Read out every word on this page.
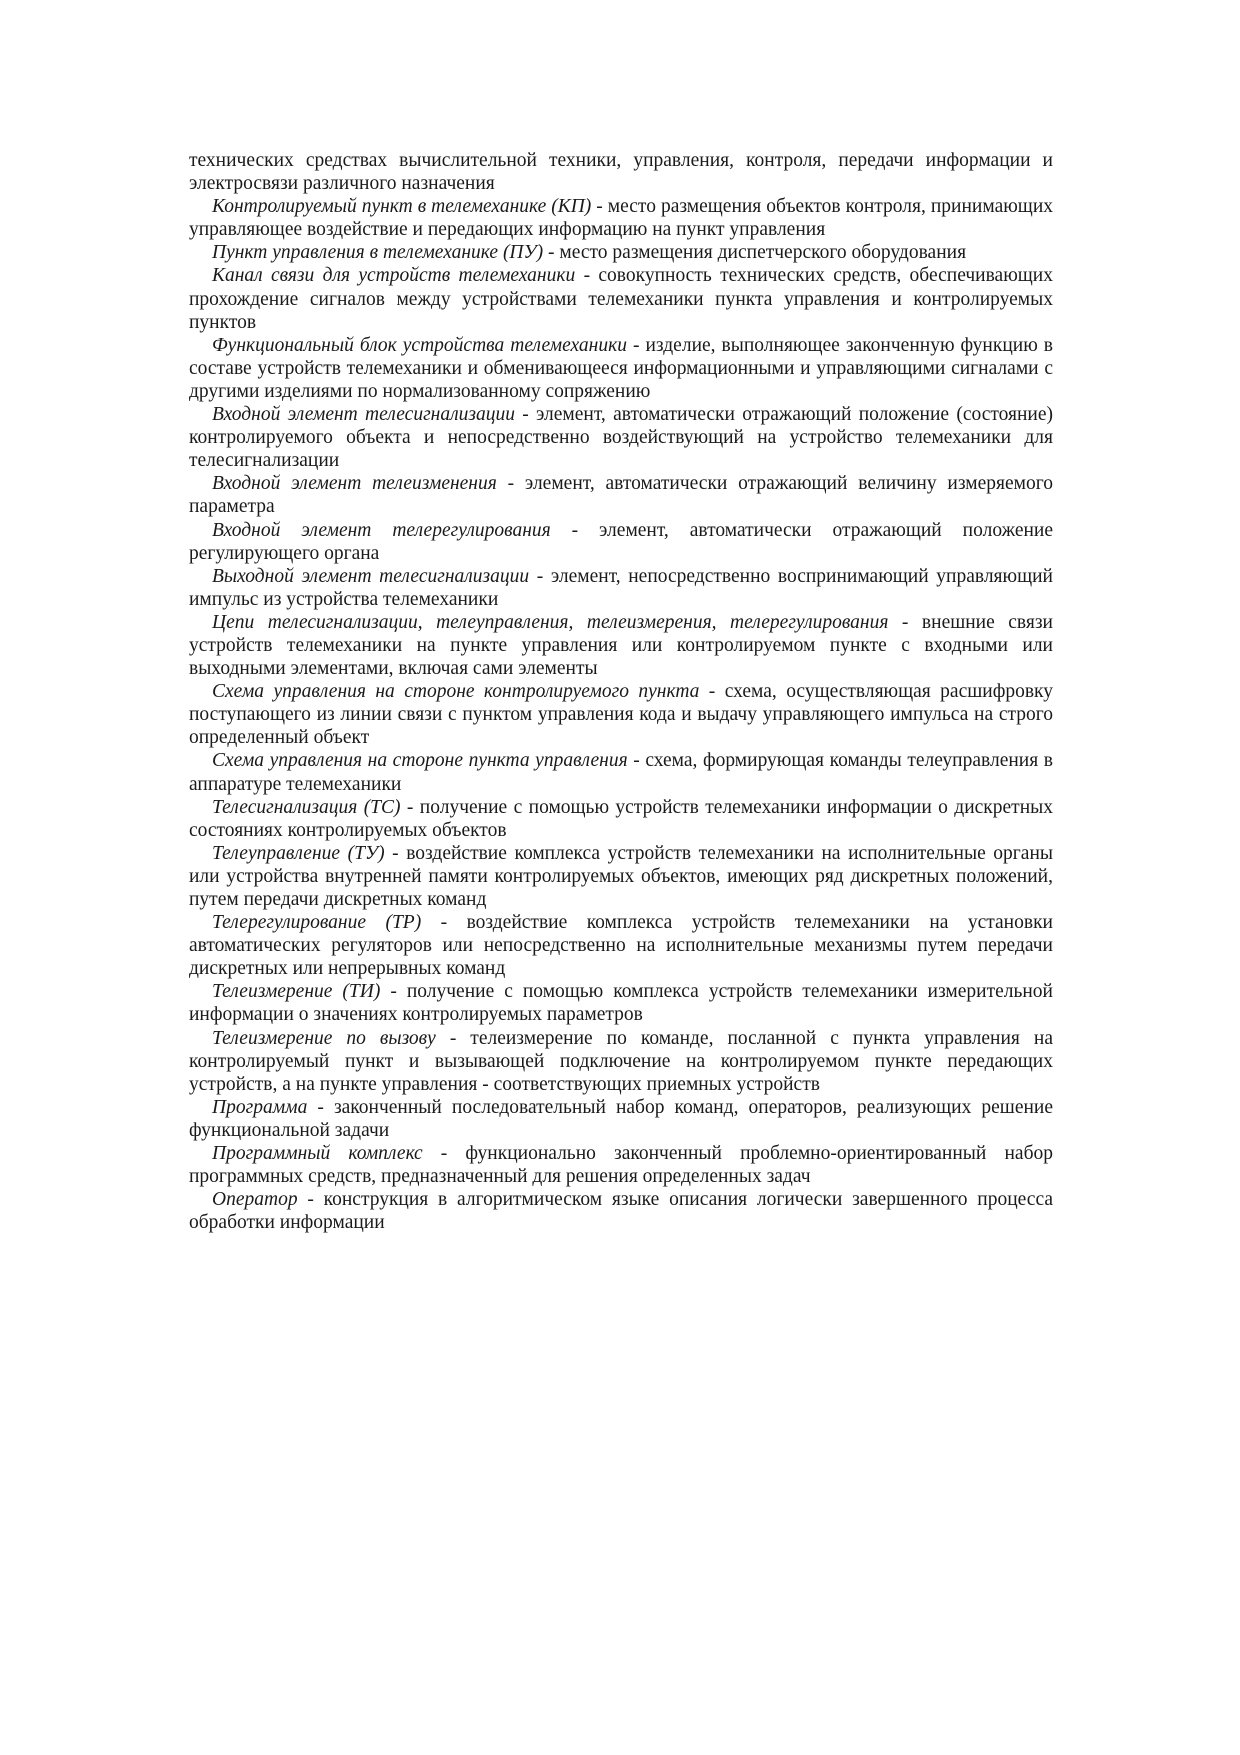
технических средствах вычислительной техники, управления, контроля, передачи информации и электросвязи различного назначения

Контролируемый пункт в телемеханике (КП) - место размещения объектов контроля, принимающих управляющее воздействие и передающих информацию на пункт управления

Пункт управления в телемеханике (ПУ) - место размещения диспетчерского оборудования

Канал связи для устройств телемеханики - совокупность технических средств, обеспечивающих прохождение сигналов между устройствами телемеханики пункта управления и контролируемых пунктов

Функциональный блок устройства телемеханики - изделие, выполняющее законченную функцию в составе устройств телемеханики и обменивающееся информационными и управляющими сигналами с другими изделиями по нормализованному сопряжению

Входной элемент телесигнализации - элемент, автоматически отражающий положение (состояние) контролируемого объекта и непосредственно воздействующий на устройство телемеханики для телесигнализации

Входной элемент телеизменения - элемент, автоматически отражающий величину измеряемого параметра

Входной элемент телерегулирования - элемент, автоматически отражающий положение регулирующего органа

Выходной элемент телесигнализации - элемент, непосредственно воспринимающий управляющий импульс из устройства телемеханики

Цепи телесигнализации, телеуправления, телеизмерения, телерегулирования - внешние связи устройств телемеханики на пункте управления или контролируемом пункте с входными или выходными элементами, включая сами элементы

Схема управления на стороне контролируемого пункта - схема, осуществляющая расшифровку поступающего из линии связи с пунктом управления кода и выдачу управляющего импульса на строго определенный объект

Схема управления на стороне пункта управления - схема, формирующая команды телеуправления в аппаратуре телемеханики

Телесигнализация (ТС) - получение с помощью устройств телемеханики информации о дискретных состояниях контролируемых объектов

Телеуправление (ТУ) - воздействие комплекса устройств телемеханики на исполнительные органы или устройства внутренней памяти контролируемых объектов, имеющих ряд дискретных положений, путем передачи дискретных команд

Телерегулирование (ТР) - воздействие комплекса устройств телемеханики на установки автоматических регуляторов или непосредственно на исполнительные механизмы путем передачи дискретных или непрерывных команд

Телеизмерение (ТИ) - получение с помощью комплекса устройств телемеханики измерительной информации о значениях контролируемых параметров

Телеизмерение по вызову - телеизмерение по команде, посланной с пункта управления на контролируемый пункт и вызывающей подключение на контролируемом пункте передающих устройств, а на пункте управления - соответствующих приемных устройств

Программа - законченный последовательный набор команд, операторов, реализующих решение функциональной задачи

Программный комплекс - функционально законченный проблемно-ориентированный набор программных средств, предназначенный для решения определенных задач

Оператор - конструкция в алгоритмическом языке описания логически завершенного процесса обработки информации
